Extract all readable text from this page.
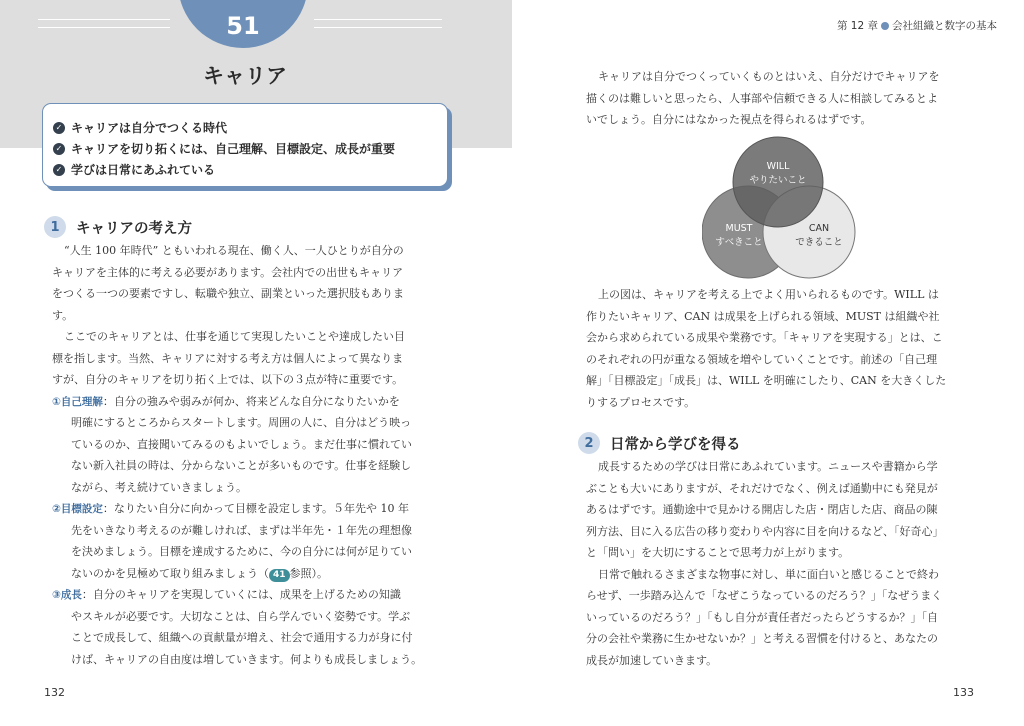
51
キャリア
✓ キャリアは自分でつくる時代
✓ キャリアを切り拓くには、自己理解、目標設定、成長が重要
✓ 学びは日常にあふれている
1	キャリアの考え方
“人生 100 年時代” ともいわれる現在、働く人、一人ひとりが自分の
キャリアを主体的に考える必要があります。会社内での出世もキャリア
をつくる一つの要素ですし、転職や独立、副業といった選択肢もありま
す。
ここでのキャリアとは、仕事を通じて実現したいことや達成したい目
標を指します。当然、キャリアに対する考え方は個人によって異なりま
すが、自分のキャリアを切り拓く上では、以下の３点が特に重要です。
①自己理解：自分の強みや弱みが何か、将来どんな自分になりたいかを
明確にするところからスタートします。周囲の人に、自分はどう映っ
ているのか、直接聞いてみるのもよいでしょう。まだ仕事に慣れてい
ない新入社員の時は、分からないことが多いものです。仕事を経験し
ながら、考え続けていきましょう。
②目標設定：なりたい自分に向かって目標を設定します。５年先や 10 年
先をいきなり考えるのが難しければ、まずは半年先・１年先の理想像
を決めましょう。目標を達成するために、今の自分には何が足りてい
ないのかを見極めて取り組みましょう（ 41 参照）。
③成長：自分のキャリアを実現していくには、成果を上げるための知識
やスキルが必要です。大切なことは、自ら学んでいく姿勢です。学ぶ
ことで成長して、組織への貢献量が増え、社会で通用する力が身に付
けば、キャリアの自由度は増していきます。何よりも成長しましょう。
132
第 12 章 会社組織と数字の基本
キャリアは自分でつくっていくものとはいえ、自分だけでキャリアを
描くのは難しいと思ったら、人事部や信頼できる人に相談してみるとよ
いでしょう。自分にはなかった視点を得られるはずです。
WILL
やりたいこと
MUST
すべきこと
CAN
できること
上の図は、キャリアを考える上でよく用いられるものです。WILL は
作りたいキャリア、CAN は成果を上げられる領域、MUST は組織や社
会から求められている成果や業務です。「キャリアを実現する」とは、こ
のそれぞれの円が重なる領域を増やしていくことです。前述の「自己理
解」「目標設定」「成長」は、WILL を明確にしたり、CAN を大きくした
りするプロセスです。
2	日常から学びを得る
成長するための学びは日常にあふれています。ニュースや書籍から学
ぶことも大いにありますが、それだけでなく、例えば通勤中にも発見が
あるはずです。通勤途中で見かける開店した店・閉店した店、商品の陳
列方法、目に入る広告の移り変わりや内容に目を向けるなど、「好奇心」
と「問い」を大切にすることで思考力が上がります。
日常で触れるさまざまな物事に対し、単に面白いと感じることで終わ
らせず、一歩踏み込んで「なぜこうなっているのだろう？」「なぜうまく
いっているのだろう？」「もし自分が責任者だったらどうするか？」「自
分の会社や業務に生かせないか？」と考える習慣を付けると、あなたの
成長が加速していきます。
133
